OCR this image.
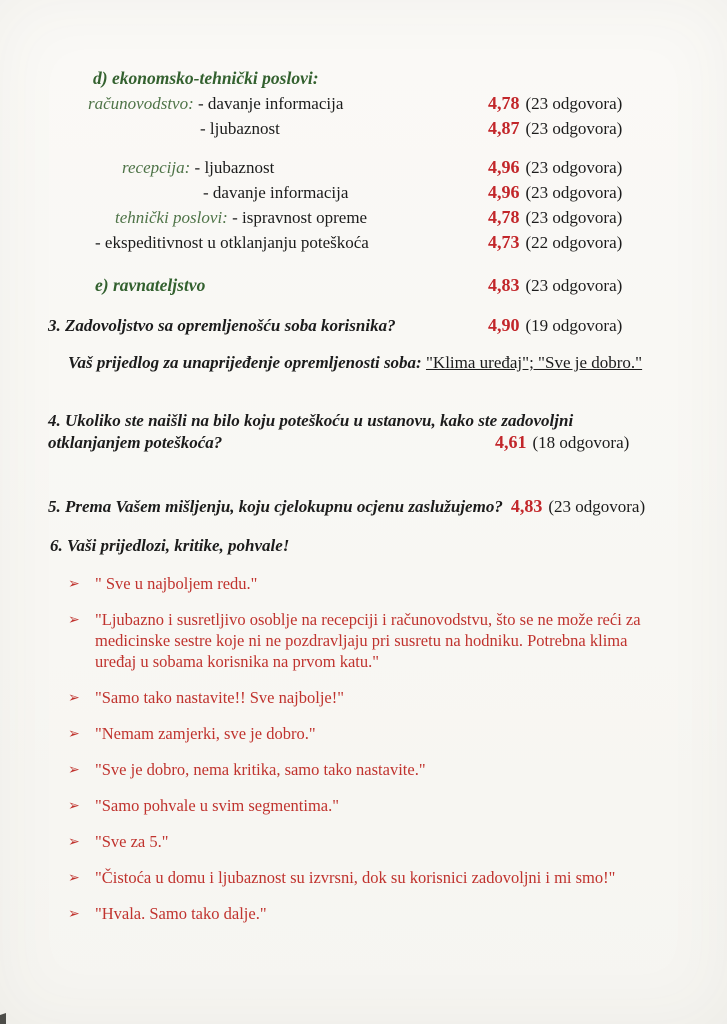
d) ekonomsko-tehnički poslovi:
računovodstvo: - davanje informacija	4,78 (23 odgovora)
- ljubaznost	4,87 (23 odgovora)
recepcija: - ljubaznost	4,96 (23 odgovora)
- davanje informacija	4,96 (23 odgovora)
tehnički poslovi: - ispravnost opreme	4,78 (23 odgovora)
- ekspeditivnost u otklanjanju poteškoća	4,73 (22 odgovora)
e) ravnateljstvo	4,83 (23 odgovora)
3. Zadovoljstvo sa opremljenošću soba korisnika?	4,90 (19 odgovora)
Vaš prijedlog za unaprijeđenje opremljenosti soba: "Klima uređaj"; "Sve je dobro."
4. Ukoliko ste naišli na bilo koju poteškoću u ustanovu, kako ste zadovoljni
otklanjanjem poteškoća?	4,61 (18 odgovora)
5. Prema Vašem mišljenju, koju cjelokupnu ocjenu zaslužujemo? 4,83 (23 odgovora)
6. Vaši prijedlozi, kritike, pohvale!
➢ " Sve u najboljem redu."
➢ "Ljubazno i susretljivo osoblje na recepciji i računovodstvu, što se ne može reći za medicinske sestre koje ni ne pozdravljaju pri susretu na hodniku. Potrebna klima uređaj u sobama korisnika na prvom katu."
➢ "Samo tako nastavite!! Sve najbolje!"
➢ "Nemam zamjerki, sve je dobro."
➢ "Sve je dobro, nema kritika, samo tako nastavite."
➢ "Samo pohvale u svim segmentima."
➢ "Sve za 5."
➢ "Čistoća u domu i ljubaznost su izvrsni, dok su korisnici zadovoljni i mi smo!"
➢ "Hvala. Samo tako dalje."
